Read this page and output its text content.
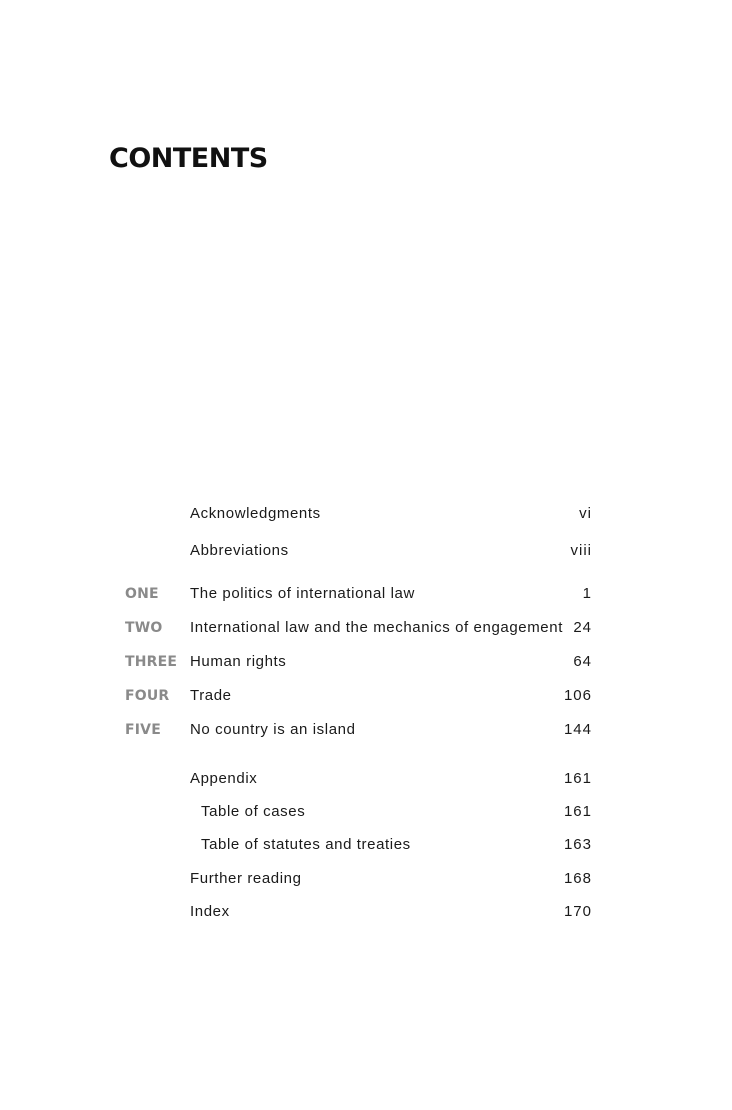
CONTENTS
Acknowledgments	vi
Abbreviations	viii
ONE The politics of international law	1
TWO International law and the mechanics of engagement 24
THREE Human rights	64
FOUR Trade	106
FIVE No country is an island	144
Appendix	161
Table of cases	161
Table of statutes and treaties	163
Further reading	168
Index	170
